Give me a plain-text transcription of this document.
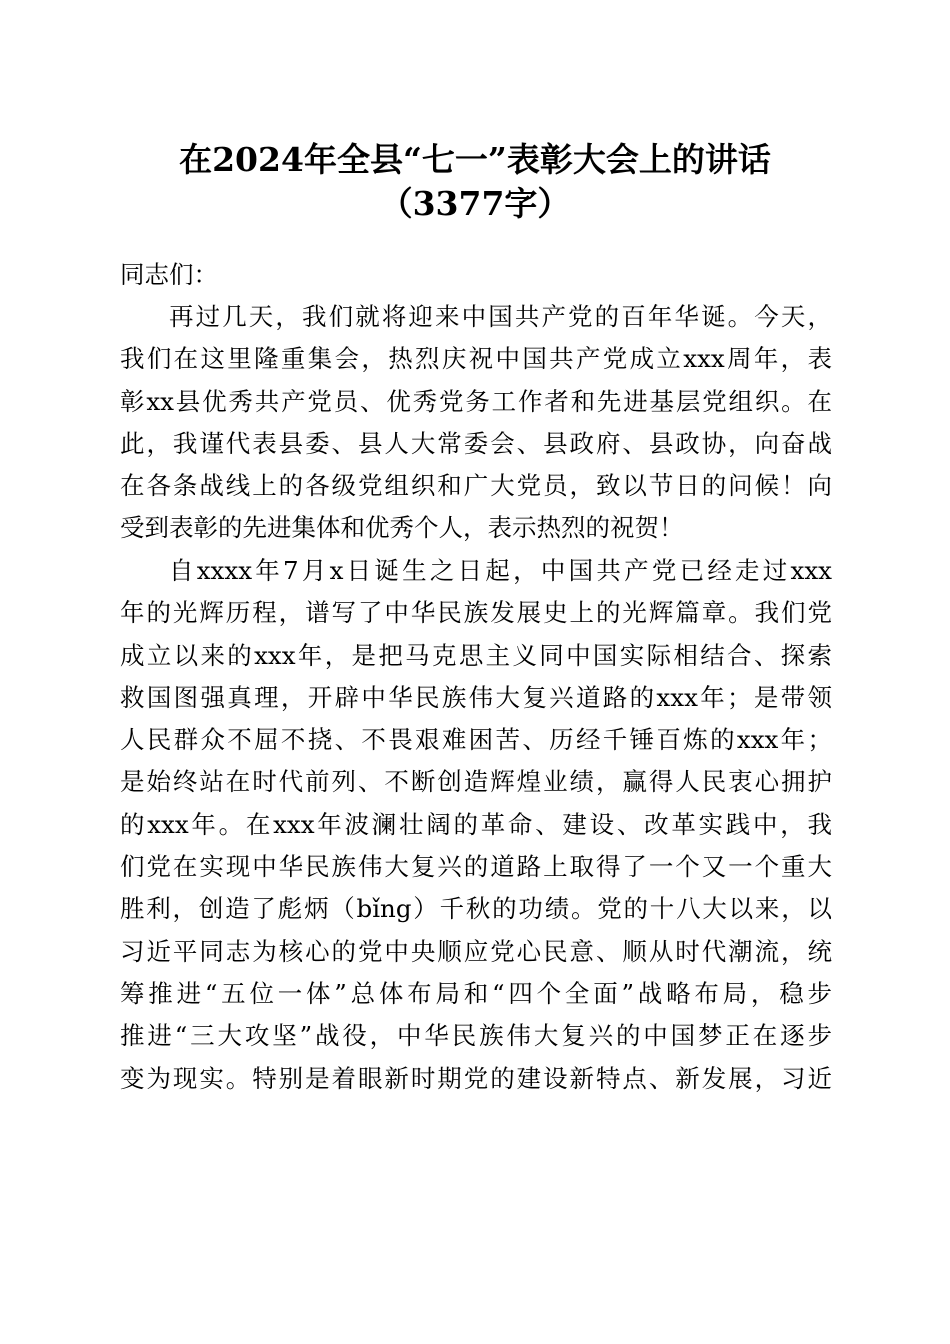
在2024年全县“七一”表彰大会上的讲话
（3377字）
同志们：
再过几天，我们就将迎来中国共产党的百年华诞。今天，
我们在这里隆重集会，热烈庆祝中国共产党成立xxx周年，表
彰xx县优秀共产党员、优秀党务工作者和先进基层党组织。在
此，我谨代表县委、县人大常委会、县政府、县政协，向奋战
在各条战线上的各级党组织和广大党员，致以节日的问候！向
受到表彰的先进集体和优秀个人，表示热烈的祝贺！
自xxxx年7月x日诞生之日起，中国共产党已经走过xxx
年的光辉历程，谱写了中华民族发展史上的光辉篇章。我们党
成立以来的xxx年，是把马克思主义同中国实际相结合、探索
救国图强真理，开辟中华民族伟大复兴道路的xxx年；是带领
人民群众不屈不挠、不畏艰难困苦、历经千锤百炼的xxx年；
是始终站在时代前列、不断创造辉煌业绩，赢得人民衷心拥护
的xxx年。在xxx年波澜壮阔的革命、建设、改革实践中，我
们党在实现中华民族伟大复兴的道路上取得了一个又一个重大
胜利，创造了彪炳（bǐng）千秋的功绩。党的十八大以来，以
习近平同志为核心的党中央顺应党心民意、顺从时代潮流，统
筹推进“五位一体”总体布局和“四个全面”战略布局，稳步
推进“三大攻坚”战役，中华民族伟大复兴的中国梦正在逐步
变为现实。特别是着眼新时期党的建设新特点、新发展，习近
